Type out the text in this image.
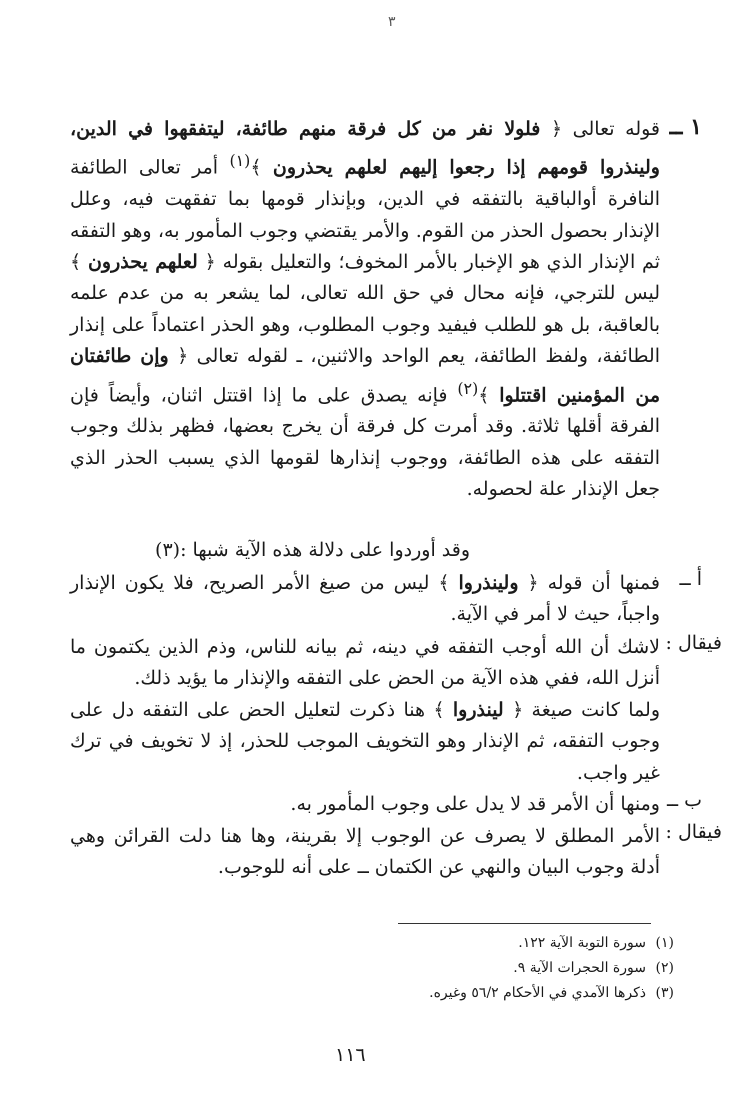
٣
١ ــ

قوله تعالى ﴿ فلولا نفر من كل فرقة منهم طائفة، ليتفقهوا في الدين، ولينذروا قومهم إذا رجعوا إليهم لعلهم يحذرون ﴾$^{(١)}$ أمر تعالى الطائفة النافرة أوالباقية بالتفقه في الدين، وبإنذار قومها بما تفقهت فيه، وعلل الإنذار بحصول الحذر من القوم. والأمر يقتضي وجوب المأمور به، وهو التفقه ثم الإنذار الذي هو الإخبار بالأمر المخوف؛ والتعليل بقوله ﴿ لعلهم يحذرون ﴾ ليس للترجي، فإنه محال في حق الله تعالى، لما يشعر به من عدم علمه بالعاقبة، بل هو للطلب فيفيد وجوب المطلوب، وهو الحذر اعتماداً على إنذار الطائفة، ولفظ الطائفة، يعم الواحد والاثنين، ـ لقوله تعالى ﴿ وإن طائفتان من المؤمنين اقتتلوا ﴾$^{(٢)}$ فإنه يصدق على ما إذا اقتتل اثنان، وأيضاً فإن الفرقة أقلها ثلاثة. وقد أمرت كل فرقة أن يخرج بعضها، فظهر بذلك وجوب التفقه على هذه الطائفة، ووجوب إنذارها لقومها الذي يسبب الحذر الذي جعل الإنذار علة لحصوله.

وقد أوردوا على دلالة هذه الآية شبها :(٣)

أ ــ

فمنها أن قوله ﴿ ولينذروا ﴾ ليس من صيغ الأمر الصريح، فلا يكون الإنذار واجباً، حيث لا أمر في الآية.

فيقال :

لاشك أن الله أوجب التفقه في دينه، ثم بيانه للناس، وذم الذين يكتمون ما أنزل الله، ففي هذه الآية من الحض على التفقه والإنذار ما يؤيد ذلك.

ولما كانت صيغة ﴿ لينذروا ﴾ هنا ذكرت لتعليل الحض على التفقه دل على وجوب التفقه، ثم الإنذار وهو التخويف الموجب للحذر، إذ لا تخويف في ترك غير واجب.

ب ــ

ومنها أن الأمر قد لا يدل على وجوب المأمور به.

فيقال :

الأمر المطلق لا يصرف عن الوجوب إلا بقرينة، وها هنا دلت القرائن وهي أدلة وجوب البيان والنهي عن الكتمان ــ على أنه للوجوب.

(١)
سورة التوبة الآية ١٢٢.
(٢)
سورة الحجرات الآية ٩.
(٣)
ذكرها الآمدي في الأحكام ٥٦/٢ وغيره.
١١٦
